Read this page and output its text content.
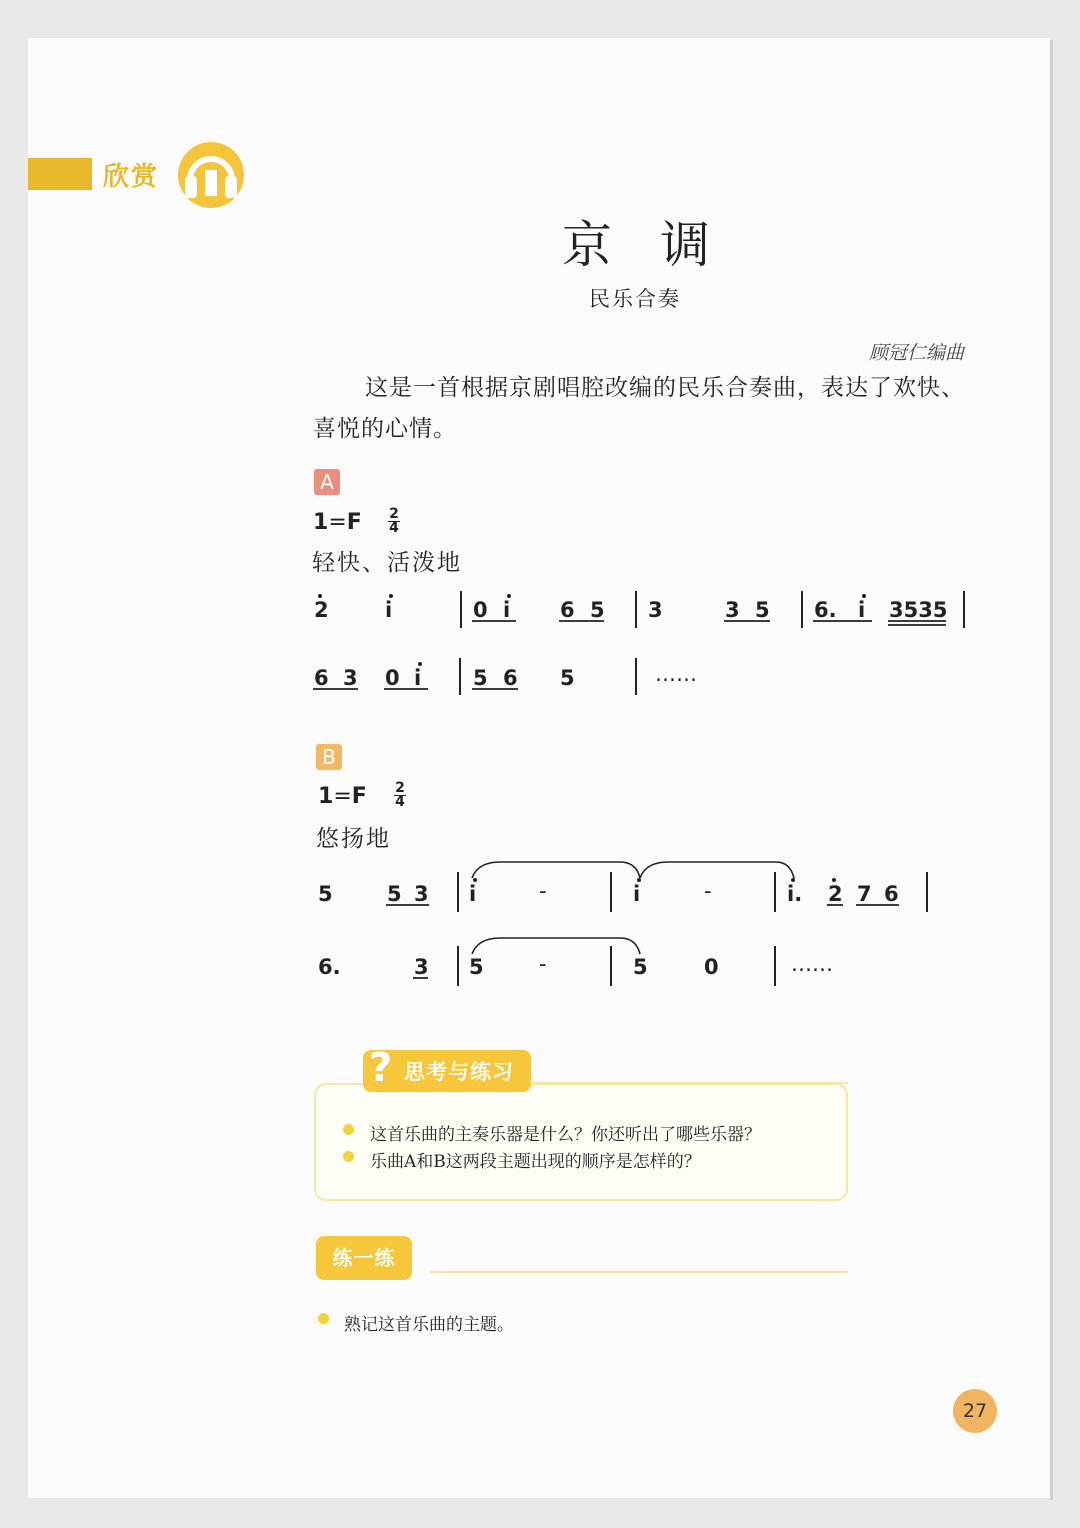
欣赏
京调
民乐合奏
顾冠仁编曲
这是一首根据京剧唱腔改编的民乐合奏曲，表达了欢快、喜悦的心情。
A
1=F 2
4
轻快、活泼地
B
1=F 2
4
悠扬地
2	i	0 i 6 5 3	3 5 6. i 3535
6 3 0 i 5 6 5	……
5	5 3 i	-	i	-	i. 2 7 6
6.	3 5	-	5	0	……
? 思考与练习
这首乐曲的主奏乐器是什么？你还听出了哪些乐器？
乐曲A和B这两段主题出现的顺序是怎样的？
练一练
熟记这首乐曲的主题。
27
